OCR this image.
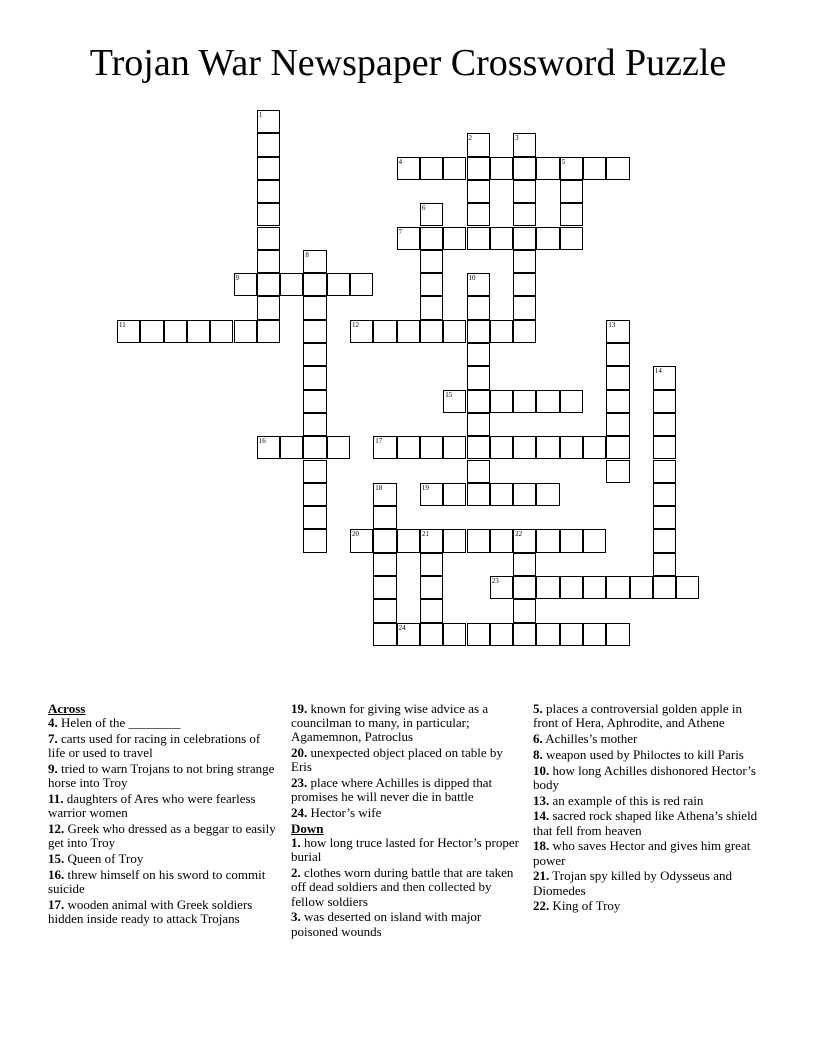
Trojan War Newspaper Crossword Puzzle
1
2	3
4	5
6
7
8
9	10
11	12	13
14
15
16	17
18	19
20	21	22
23
24
Across
4. Helen of the ________
7. carts used for racing in celebrations of life or used to travel
9. tried to warn Trojans to not bring strange horse into Troy
11. daughters of Ares who were fearless warrior women
12. Greek who dressed as a beggar to easily get into Troy
15. Queen of Troy
16. threw himself on his sword to commit suicide
17. wooden animal with Greek soldiers hidden inside ready to attack Trojans
19. known for giving wise advice as a councilman to many, in particular; Agamemnon, Patroclus
20. unexpected object placed on table by Eris
23. place where Achilles is dipped that promises he will never die in battle
24. Hector’s wife
Down
1. how long truce lasted for Hector’s proper burial
2. clothes worn during battle that are taken off dead soldiers and then collected by fellow soldiers
3. was deserted on island with major poisoned wounds
5. places a controversial golden apple in front of Hera, Aphrodite, and Athene
6. Achilles’s mother
8. weapon used by Philoctes to kill Paris
10. how long Achilles dishonored Hector’s body
13. an example of this is red rain
14. sacred rock shaped like Athena’s shield that fell from heaven
18. who saves Hector and gives him great power
21. Trojan spy killed by Odysseus and Diomedes
22. King of Troy
